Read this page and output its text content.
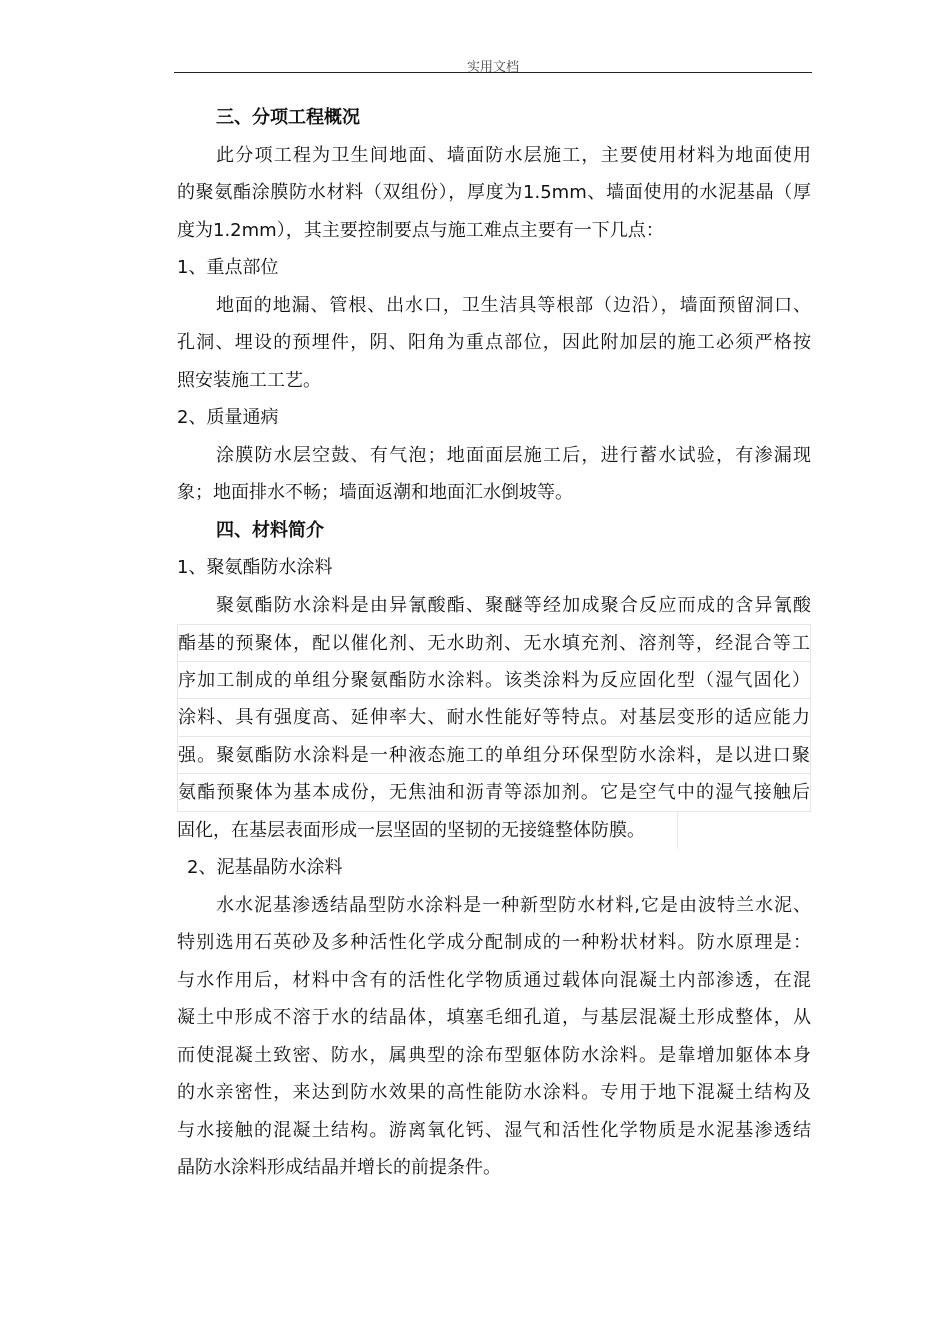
实用文档
三、分项工程概况
此分项工程为卫生间地面、墙面防水层施工，主要使用材料为地面使用
的聚氨酯涂膜防水材料（双组份），厚度为1.5mm、墙面使用的水泥基晶（厚
度为1.2mm），其主要控制要点与施工难点主要有一下几点：
1、重点部位
地面的地漏、管根、出水口，卫生洁具等根部（边沿），墙面预留洞口、
孔洞、埋设的预埋件，阴、阳角为重点部位，因此附加层的施工必须严格按
照安装施工工艺。
2、质量通病
涂膜防水层空鼓、有气泡；地面面层施工后，进行蓄水试验，有渗漏现
象；地面排水不畅；墙面返潮和地面汇水倒坡等。
四、材料简介
1、聚氨酯防水涂料
聚氨酯防水涂料是由异氰酸酯、聚醚等经加成聚合反应而成的含异氰酸
酯基的预聚体，配以催化剂、无水助剂、无水填充剂、溶剂等，经混合等工
序加工制成的单组分聚氨酯防水涂料。该类涂料为反应固化型（湿气固化）
涂料、具有强度高、延伸率大、耐水性能好等特点。对基层变形的适应能力
强。聚氨酯防水涂料是一种液态施工的单组分环保型防水涂料，是以进口聚
氨酯预聚体为基本成份，无焦油和沥青等添加剂。它是空气中的湿气接触后
固化，在基层表面形成一层坚固的坚韧的无接缝整体防膜。
2、泥基晶防水涂料
水水泥基渗透结晶型防水涂料是一种新型防水材料,它是由波特兰水泥、
特别选用石英砂及多种活性化学成分配制成的一种粉状材料。防水原理是：
与水作用后，材料中含有的活性化学物质通过载体向混凝土内部渗透，在混
凝土中形成不溶于水的结晶体，填塞毛细孔道，与基层混凝土形成整体，从
而使混凝土致密、防水，属典型的涂布型躯体防水涂料。是靠增加躯体本身
的水亲密性，来达到防水效果的高性能防水涂料。专用于地下混凝土结构及
与水接触的混凝土结构。游离氧化钙、湿气和活性化学物质是水泥基渗透结
晶防水涂料形成结晶并增长的前提条件。
